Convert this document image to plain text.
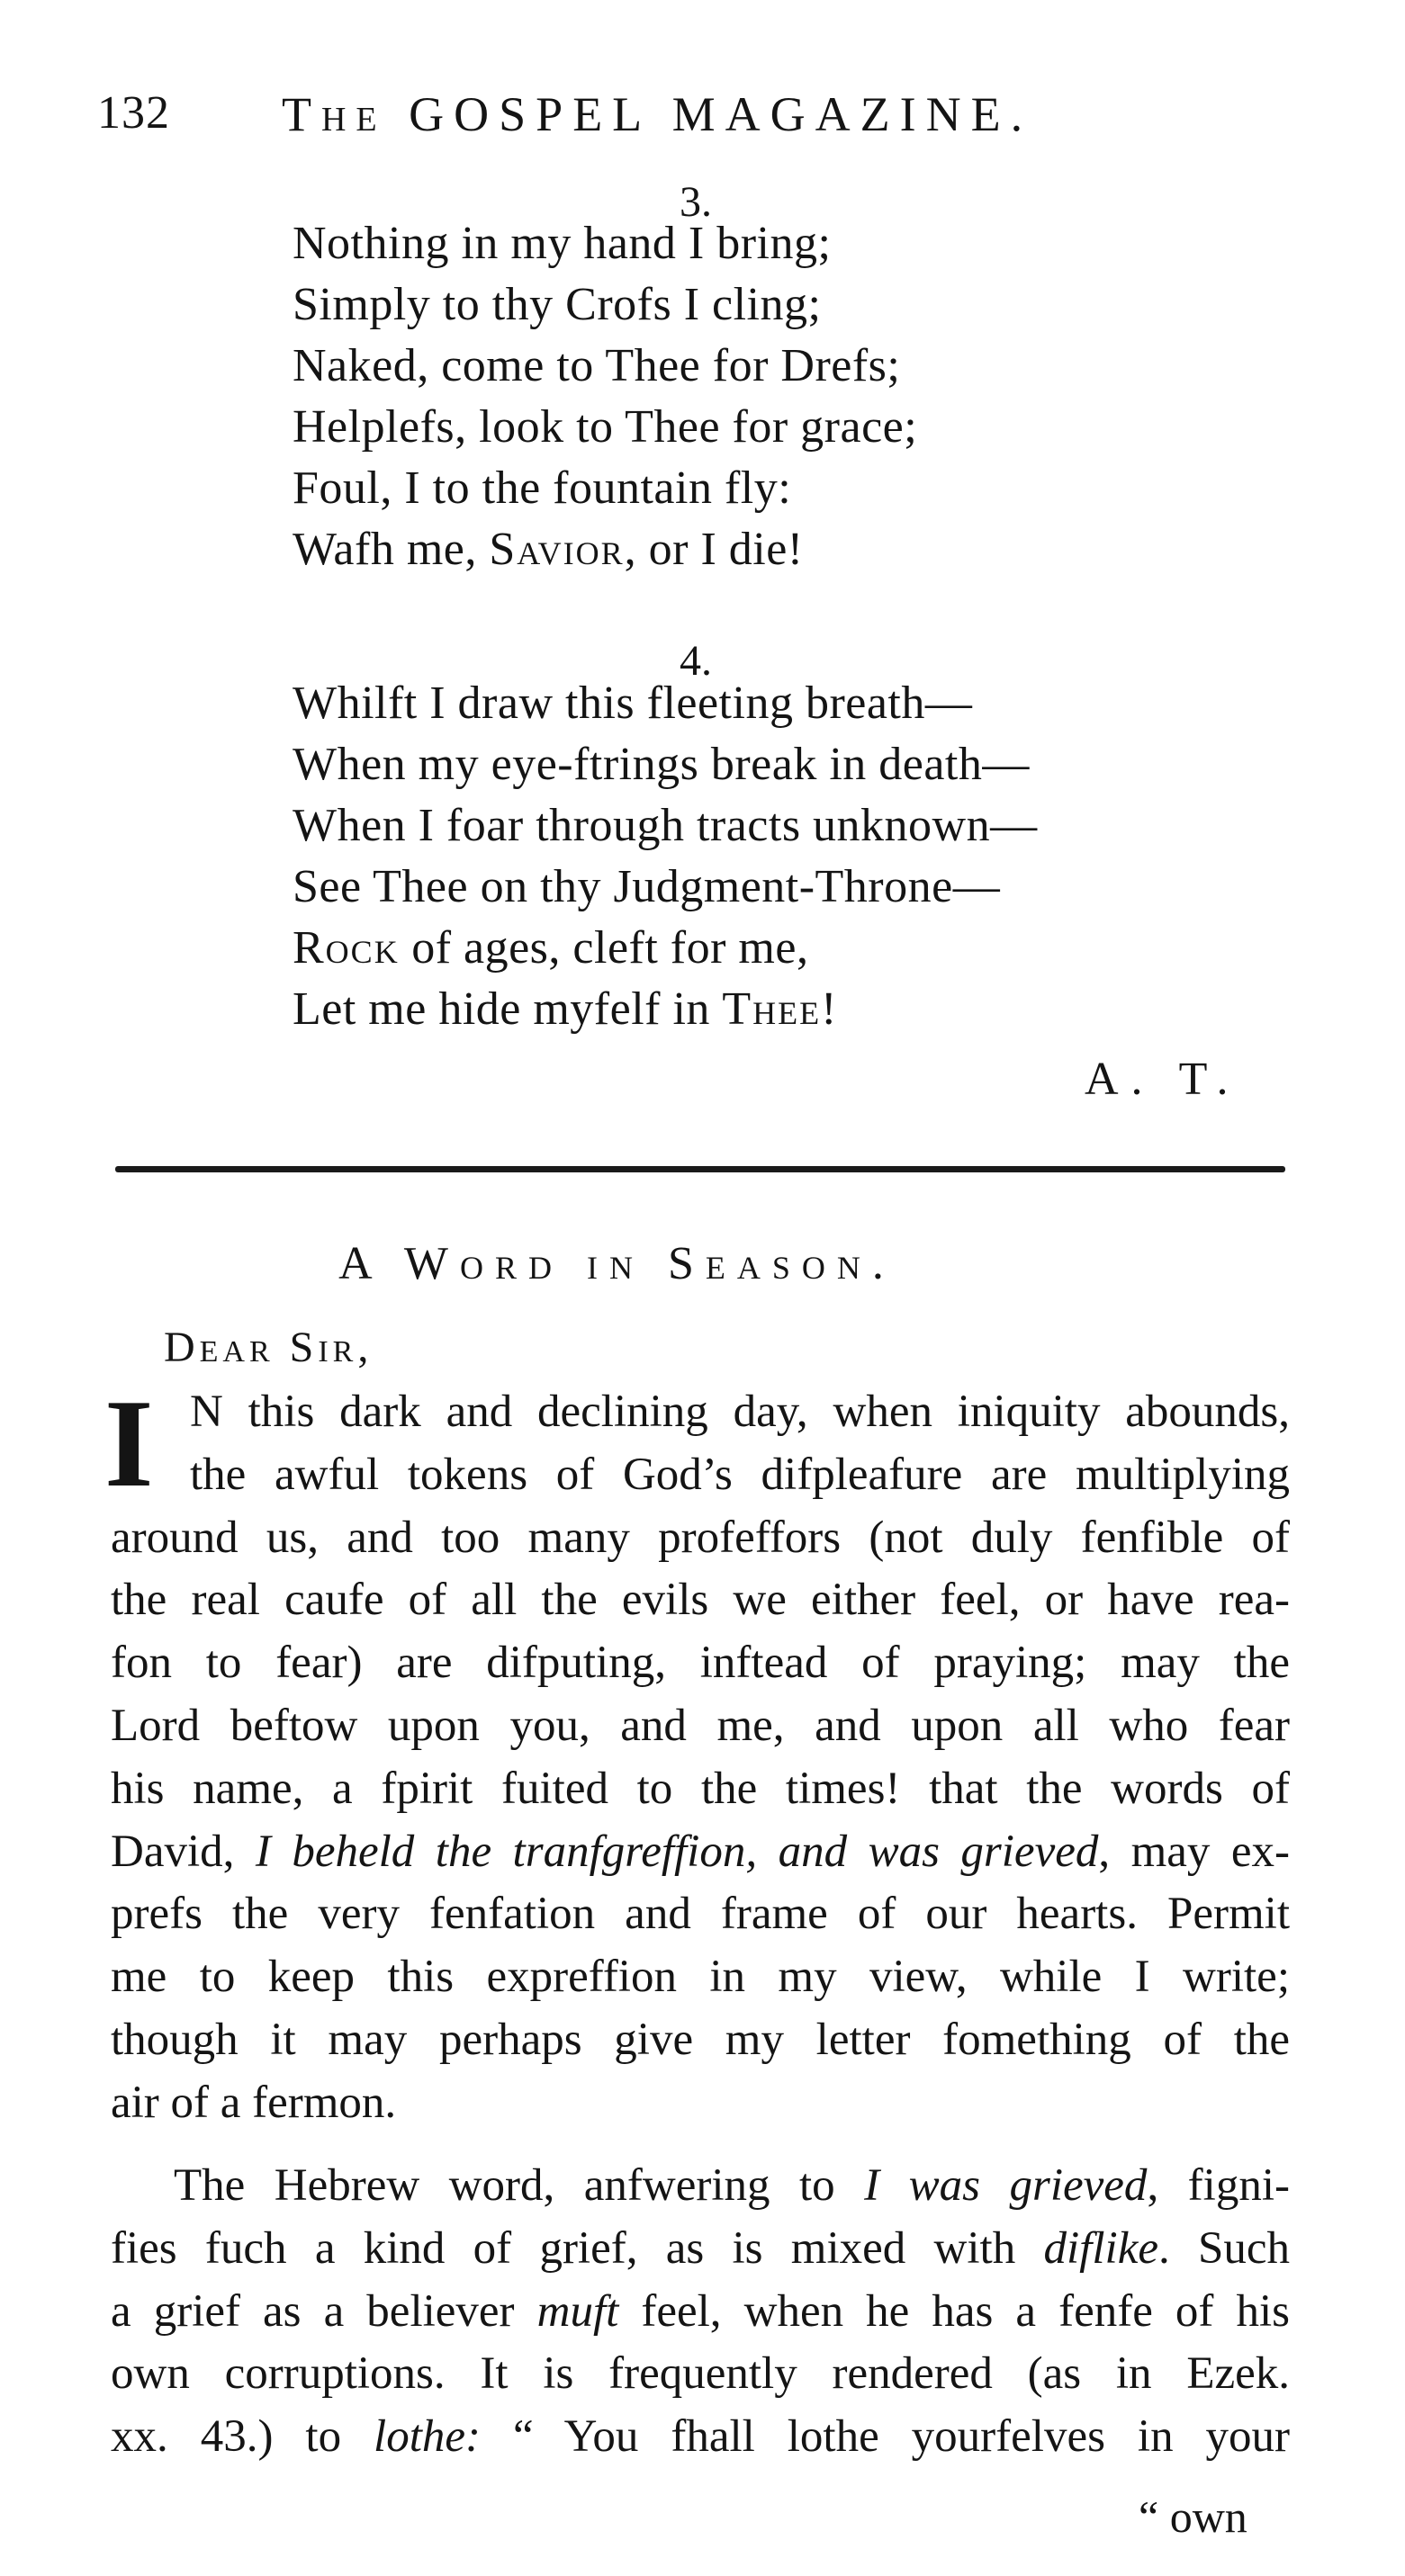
132 The GOSPEL MAGAZINE.
3.
Nothing in my hand I bring;
Simply to thy Crofs I cling;
Naked, come to Thee for Drefs;
Helplefs, look to Thee for grace;
Foul, I to the fountain fly:
Wafh me, Savior, or I die!
4.
Whilft I draw this fleeting breath—
When my eye-ftrings break in death—
When I foar through tracts unknown—
See Thee on thy Judgment-Throne—
Rock of ages, cleft for me,
Let me hide myfelf in Thee!
A. T.
A Word in Season.
Dear Sir,
I N this dark and declining day, when iniquity abounds,
the awful tokens of God’s difpleafure are multiplying
around us, and too many profeffors (not duly fenfible of
the real caufe of all the evils we either feel, or have rea-
fon to fear) are difputing, inftead of praying; may the
Lord beftow upon you, and me, and upon all who fear
his name, a fpirit fuited to the times! that the words of
David, I beheld the tranfgreffion, and was grieved, may ex-
prefs the very fenfation and frame of our hearts. Permit
me to keep this expreffion in my view, while I write;
though it may perhaps give my letter fomething of the
air of a fermon.
The Hebrew word, anfwering to I was grieved, figni-
fies fuch a kind of grief, as is mixed with diflike. Such
a grief as a believer muft feel, when he has a fenfe of his
own corruptions. It is frequently rendered (as in Ezek.
xx. 43.) to lothe: “ You fhall lothe yourfelves in your
“ own
